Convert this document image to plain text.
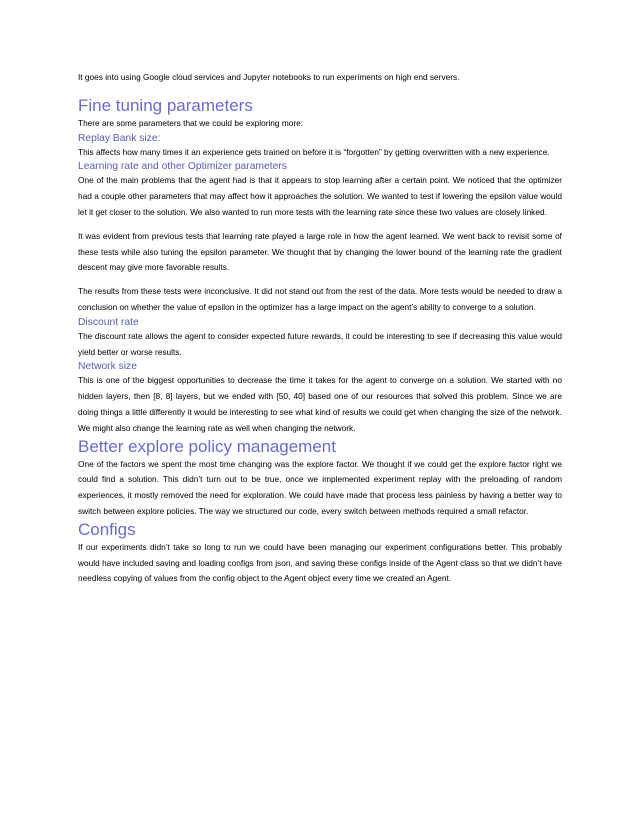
It goes into using Google cloud services and Jupyter notebooks to run experiments on high end servers.

Fine tuning parameters

There are some parameters that we could be exploring more:

Replay Bank size:

This affects how many times it an experience gets trained on before it is “forgotten” by getting overwritten with a new experience.

Learning rate and other Optimizer parameters

One of the main problems that the agent had is that it appears to stop learning after a certain point. We noticed that the optimizer had a couple other parameters that may affect how it approaches the solution. We wanted to test if lowering the epsilon value would let it get closer to the solution. We also wanted to run more tests with the learning rate since these two values are closely linked.

It was evident from previous tests that learning rate played a large role in how the agent learned. We went back to revisit some of these tests while also tuning the epsilon parameter. We thought that by changing the lower bound of the learning rate the gradient descent may give more favorable results.

The results from these tests were inconclusive. It did not stand out from the rest of the data. More tests would be needed to draw a conclusion on whether the value of epsilon in the optimizer has a large impact on the agent’s ability to converge to a solution.

Discount rate

The discount rate allows the agent to consider expected future rewards, it could be interesting to see if decreasing this value would yield better or worse results.

Network size

This is one of the biggest opportunities to decrease the time it takes for the agent to converge on a solution. We started with no hidden layers, then [8, 8] layers, but we ended with [50, 40] based one of our resources that solved this problem. Since we are doing things a little differently it would be interesting to see what kind of results we could get when changing the size of the network. We might also change the learning rate as well when changing the network.

Better explore policy management

One of the factors we spent the most time changing was the explore factor. We thought if we could get the explore factor right we could find a solution. This didn’t turn out to be true, once we implemented experiment replay with the preloading of random experiences, it mostly removed the need for exploration. We could have made that process less painless by having a better way to switch between explore policies. The way we structured our code, every switch between methods required a small refactor.

Configs

If our experiments didn’t take so long to run we could have been managing our experiment configurations better. This probably would have included saving and loading configs from json, and saving these configs inside of the Agent class so that we didn’t have needless copying of values from the config object to the Agent object every time we created an Agent.
